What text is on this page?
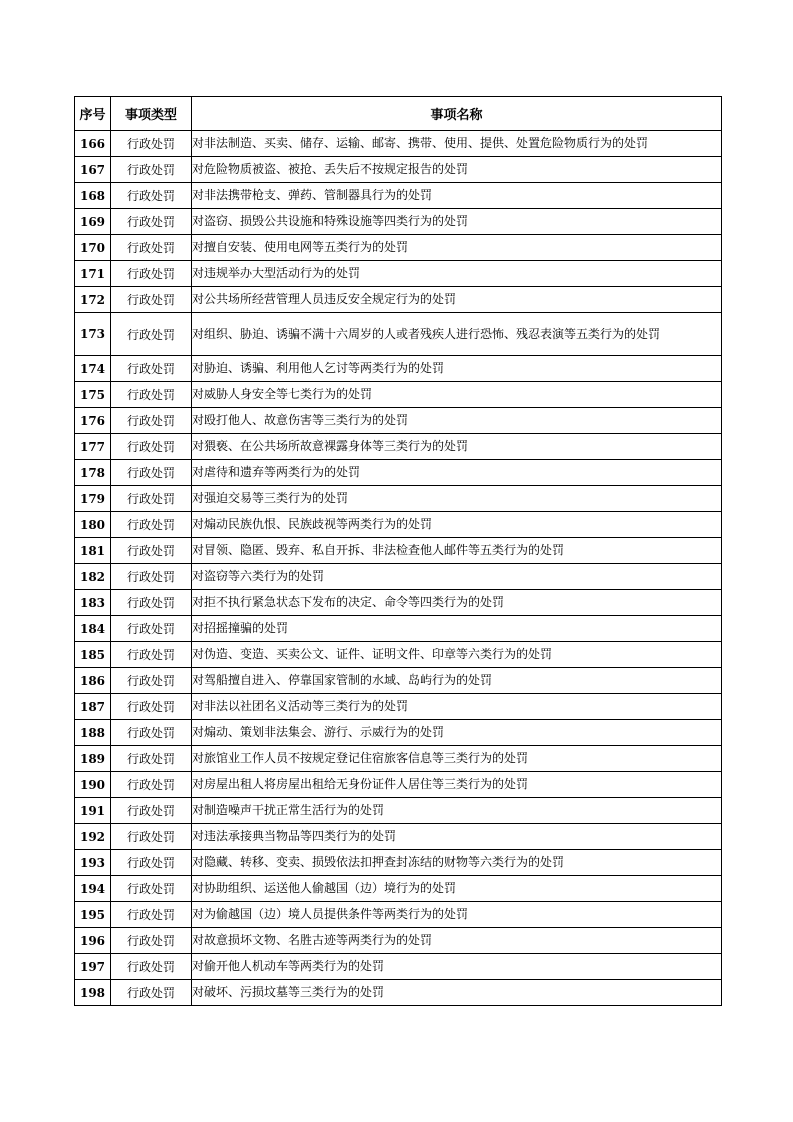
序号	事项类型	事项名称
166	行政处罚	对非法制造、买卖、储存、运输、邮寄、携带、使用、提供、处置危险物质行为的处罚
167	行政处罚	对危险物质被盗、被抢、丢失后不按规定报告的处罚
168	行政处罚	对非法携带枪支、弹药、管制器具行为的处罚
169	行政处罚	对盗窃、损毁公共设施和特殊设施等四类行为的处罚
170	行政处罚	对擅自安装、使用电网等五类行为的处罚
171	行政处罚	对违规举办大型活动行为的处罚
172	行政处罚	对公共场所经营管理人员违反安全规定行为的处罚
173	行政处罚	对组织、胁迫、诱骗不满十六周岁的人或者残疾人进行恐怖、残忍表演等五类行为的处罚
174	行政处罚	对胁迫、诱骗、利用他人乞讨等两类行为的处罚
175	行政处罚	对威胁人身安全等七类行为的处罚
176	行政处罚	对殴打他人、故意伤害等三类行为的处罚
177	行政处罚	对猥亵、在公共场所故意裸露身体等三类行为的处罚
178	行政处罚	对虐待和遗弃等两类行为的处罚
179	行政处罚	对强迫交易等三类行为的处罚
180	行政处罚	对煽动民族仇恨、民族歧视等两类行为的处罚
181	行政处罚	对冒领、隐匿、毁弃、私自开拆、非法检查他人邮件等五类行为的处罚
182	行政处罚	对盗窃等六类行为的处罚
183	行政处罚	对拒不执行紧急状态下发布的决定、命令等四类行为的处罚
184	行政处罚	对招摇撞骗的处罚
185	行政处罚	对伪造、变造、买卖公文、证件、证明文件、印章等六类行为的处罚
186	行政处罚	对驾船擅自进入、停靠国家管制的水域、岛屿行为的处罚
187	行政处罚	对非法以社团名义活动等三类行为的处罚
188	行政处罚	对煽动、策划非法集会、游行、示威行为的处罚
189	行政处罚	对旅馆业工作人员不按规定登记住宿旅客信息等三类行为的处罚
190	行政处罚	对房屋出租人将房屋出租给无身份证件人居住等三类行为的处罚
191	行政处罚	对制造噪声干扰正常生活行为的处罚
192	行政处罚	对违法承接典当物品等四类行为的处罚
193	行政处罚	对隐藏、转移、变卖、损毁依法扣押查封冻结的财物等六类行为的处罚
194	行政处罚	对协助组织、运送他人偷越国（边）境行为的处罚
195	行政处罚	对为偷越国（边）境人员提供条件等两类行为的处罚
196	行政处罚	对故意损坏文物、名胜古迹等两类行为的处罚
197	行政处罚	对偷开他人机动车等两类行为的处罚
198	行政处罚	对破坏、污损坟墓等三类行为的处罚
